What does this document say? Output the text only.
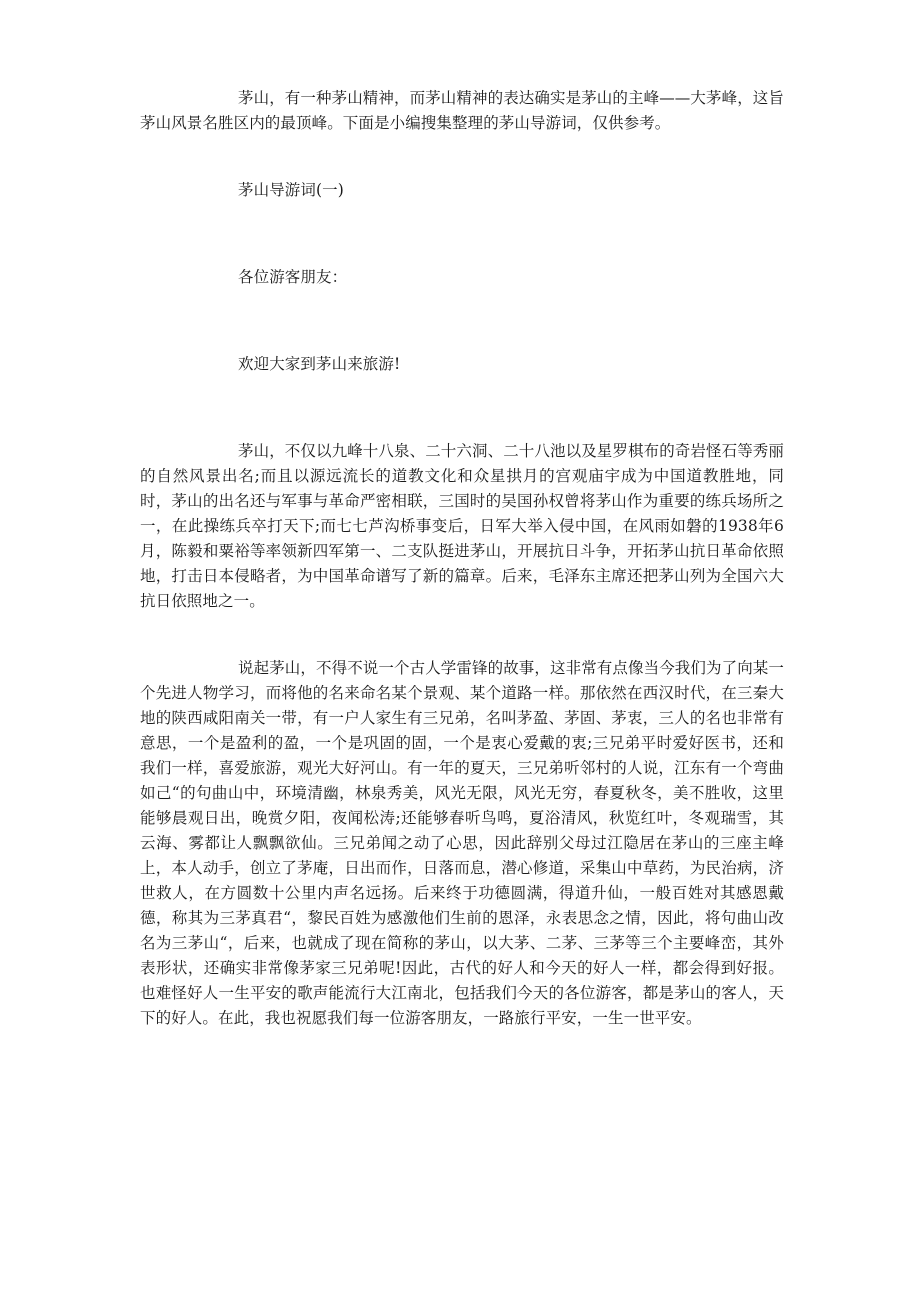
茅山，有一种茅山精神，而茅山精神的表达确实是茅山的主峰——大茅峰，这旨茅山风景名胜区内的最顶峰。下面是小编搜集整理的茅山导游词，仅供参考。

茅山导游词(一)

各位游客朋友：

欢迎大家到茅山来旅游!

茅山，不仅以九峰十八泉、二十六洞、二十八池以及星罗棋布的奇岩怪石等秀丽的自然风景出名;而且以源远流长的道教文化和众星拱月的宫观庙宇成为中国道教胜地，同时，茅山的出名还与军事与革命严密相联，三国时的吴国孙权曾将茅山作为重要的练兵场所之一，在此操练兵卒打天下;而七七芦沟桥事变后，日军大举入侵中国，在风雨如磐的1938年6月，陈毅和粟裕等率领新四军第一、二支队挺进茅山，开展抗日斗争，开拓茅山抗日革命依照地，打击日本侵略者，为中国革命谱写了新的篇章。后来，毛泽东主席还把茅山列为全国六大抗日依照地之一。

说起茅山，不得不说一个古人学雷锋的故事，这非常有点像当今我们为了向某一个先进人物学习，而将他的名来命名某个景观、某个道路一样。那依然在西汉时代，在三秦大地的陕西咸阳南关一带，有一户人家生有三兄弟，名叫茅盈、茅固、茅衷，三人的名也非常有意思，一个是盈利的盈，一个是巩固的固，一个是衷心爱戴的衷;三兄弟平时爱好医书，还和我们一样，喜爱旅游，观光大好河山。有一年的夏天，三兄弟听邻村的人说，江东有一个弯曲如己“的句曲山中，环境清幽，林泉秀美，风光无限，风光无穷，春夏秋冬，美不胜收，这里能够晨观日出，晚赏夕阳，夜闻松涛;还能够春听鸟鸣，夏浴清风，秋览红叶，冬观瑞雪，其云海、雾都让人飘飘欲仙。三兄弟闻之动了心思，因此辞别父母过江隐居在茅山的三座主峰上，本人动手，创立了茅庵，日出而作，日落而息，潜心修道，采集山中草药，为民治病，济世救人，在方圆数十公里内声名远扬。后来终于功德圆满，得道升仙，一般百姓对其感恩戴德，称其为三茅真君“，黎民百姓为感激他们生前的恩泽，永表思念之情，因此，将句曲山改名为三茅山“，后来，也就成了现在简称的茅山，以大茅、二茅、三茅等三个主要峰峦，其外表形状，还确实非常像茅家三兄弟呢!因此，古代的好人和今天的好人一样，都会得到好报。也难怪好人一生平安的歌声能流行大江南北，包括我们今天的各位游客，都是茅山的客人，天下的好人。在此，我也祝愿我们每一位游客朋友，一路旅行平安，一生一世平安。
